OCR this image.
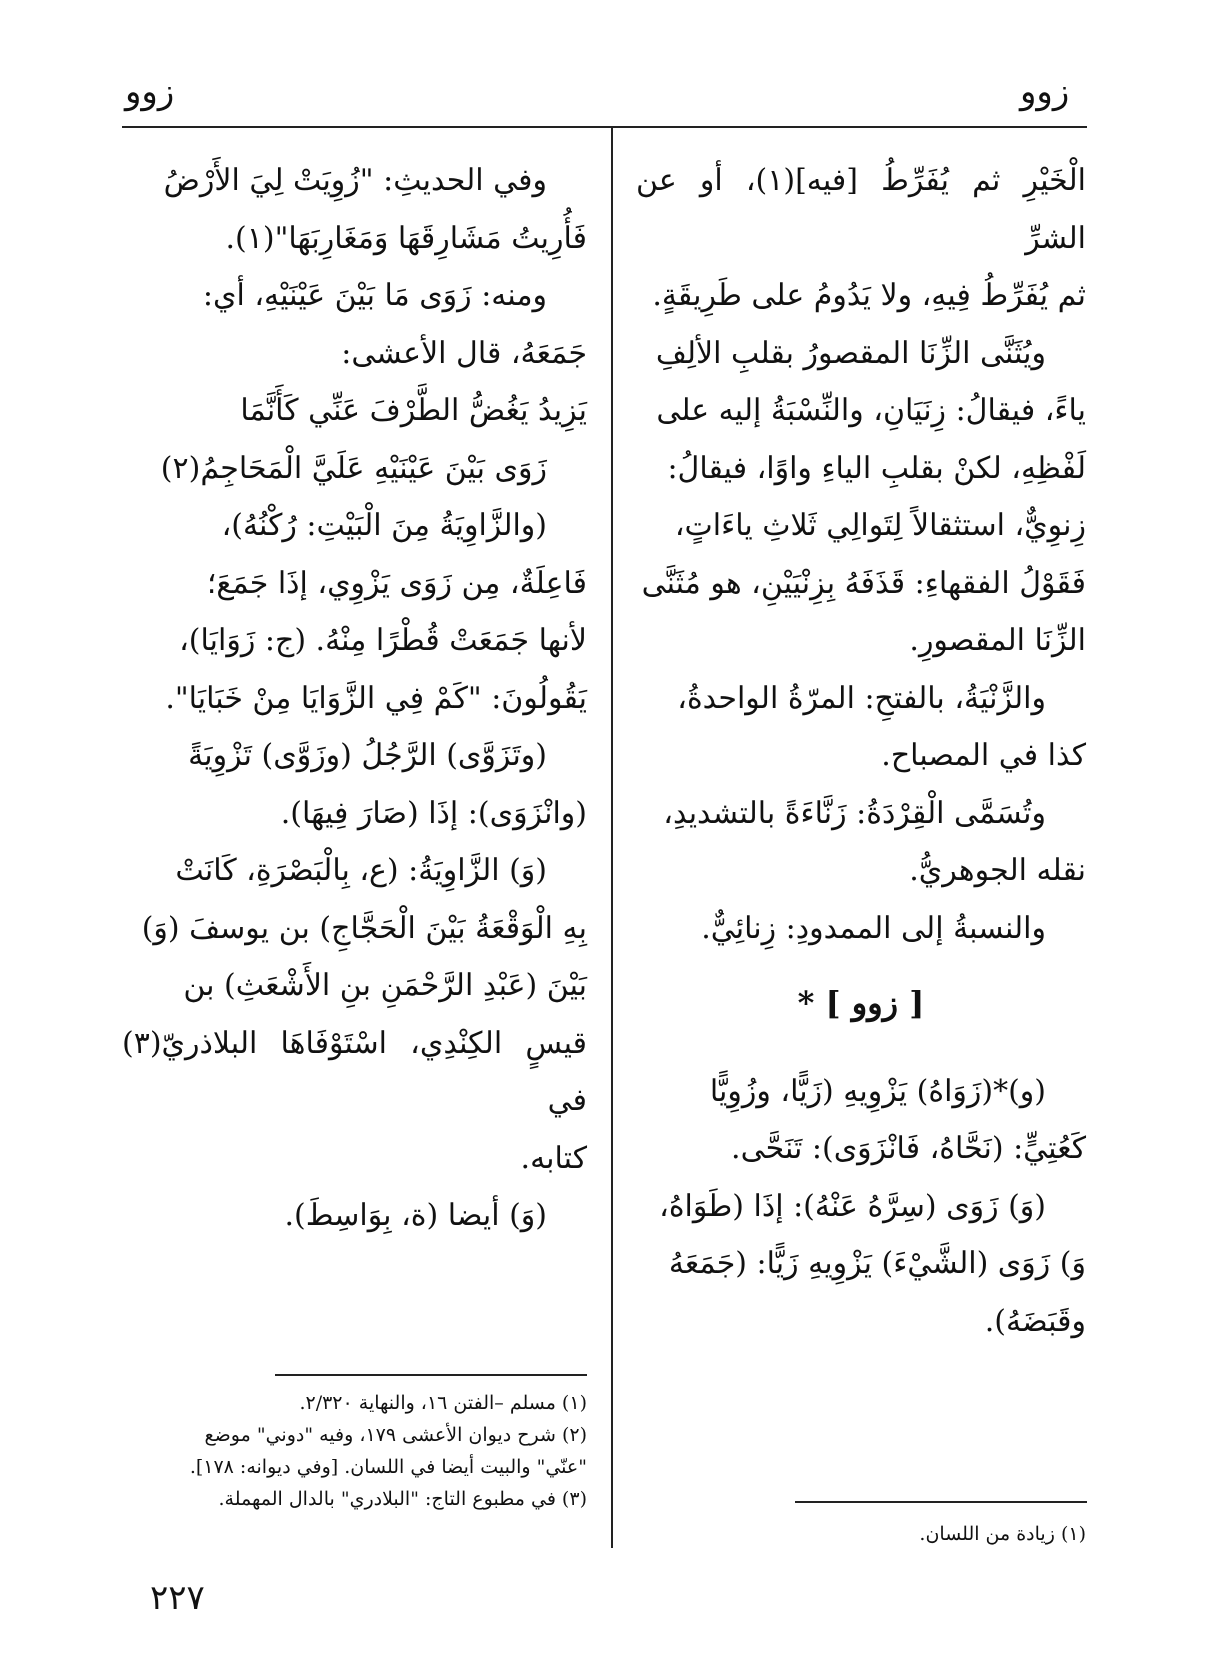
زوو	زوو

الْخَيْرِ ثم يُفَرِّطُ [فيه](١)، أو عن الشرِّ

ثم يُفَرِّطُ فِيهِ، ولا يَدُومُ على طَرِيقَةٍ.

ويُثَنَّى الزِّنَا المقصورُ بقلبِ الألِفِ

ياءً، فيقالُ: زِنَيَانِ، والنِّسْبَةُ إليه على

لَفْظِهِ، لكنْ بقلبِ الياءِ واوًا، فيقالُ:

زِنوِيٌّ، استثقالاً لِتَوالِي ثَلاثِ ياءَاتٍ،

فَقَوْلُ الفقهاءِ: قَذَفَهُ بِزِنْيَيْنِ، هو مُثَنَّى

الزِّنَا المقصورِ.

والزَّنْيَةُ، بالفتحِ: المرّةُ الواحدةُ،

كذا في المصباح.

وتُسَمَّى الْقِرْدَةُ: زَنَّاءَةً بالتشديدِ،

نقله الجوهريُّ.

والنسبةُ إلى الممدودِ: زِنائِيٌّ.

[ زوو ] *

(و)*(زَوَاهُ) يَزْوِيهِ (زَيًّا، وزُوِيًّا

كَعُتِيٍّ: (نَحَّاهُ، فَانْزَوَى): تَنَحَّى.

(وَ) زَوَى (سِرَّهُ عَنْهُ): إذَا (طَوَاهُ،

وَ) زَوَى (الشَّيْءَ) يَزْوِيهِ زَيًّا: (جَمَعَهُ

وقَبَضَهُ).

وفي الحديثِ: "زُوِيَتْ لِيَ الأَرْضُ

فَأُرِيتُ مَشَارِقَهَا وَمَغَارِبَهَا"(١).

ومنه: زَوَى مَا بَيْنَ عَيْنَيْهِ، أي:

جَمَعَهُ، قال الأعشى:

يَزِيدُ يَغُضُّ الطَّرْفَ عَنِّي كَأَنَّمَا

زَوَى بَيْنَ عَيْنَيْهِ عَلَيَّ الْمَحَاجِمُ(٢)

(والزَّاوِيَةُ مِنَ الْبَيْتِ: رُكْنُهُ)،

فَاعِلَةٌ، مِن زَوَى يَزْوِي، إذَا جَمَعَ؛

لأنها جَمَعَتْ قُطْرًا مِنْهُ. (ج: زَوَايَا)،

يَقُولُونَ: "كَمْ فِي الزَّوَايَا مِنْ خَبَايَا".

(وتَزَوَّى) الرَّجُلُ (وزَوَّى) تَزْوِيَةً

(وانْزَوَى): إذَا (صَارَ فِيهَا).

(وَ) الزَّاوِيَةُ: (ع، بِالْبَصْرَةِ، كَانَتْ

بِهِ الْوَقْعَةُ بَيْنَ الْحَجَّاجِ) بن يوسفَ (وَ)

بَيْنَ (عَبْدِ الرَّحْمَنِ بنِ الأَشْعَثِ) بن

قيسٍ الكِنْدِي، اسْتَوْفَاهَا البلاذريّ(٣) في

كتابه.

(وَ) أيضا (ة، بِوَاسِطَ).

(١) مسلم –الفتن ١٦، والنهاية ٢/٣٢٠.

(٢) شرح ديوان الأعشى ١٧٩، وفيه "دوني" موضع

"عنّي" والبيت أيضا في اللسان. [وفي ديوانه: ١٧٨].

(٣) في مطبوع التاج: "البلادري" بالدال المهملة.

(١) زيادة من اللسان.

٢٢٧
